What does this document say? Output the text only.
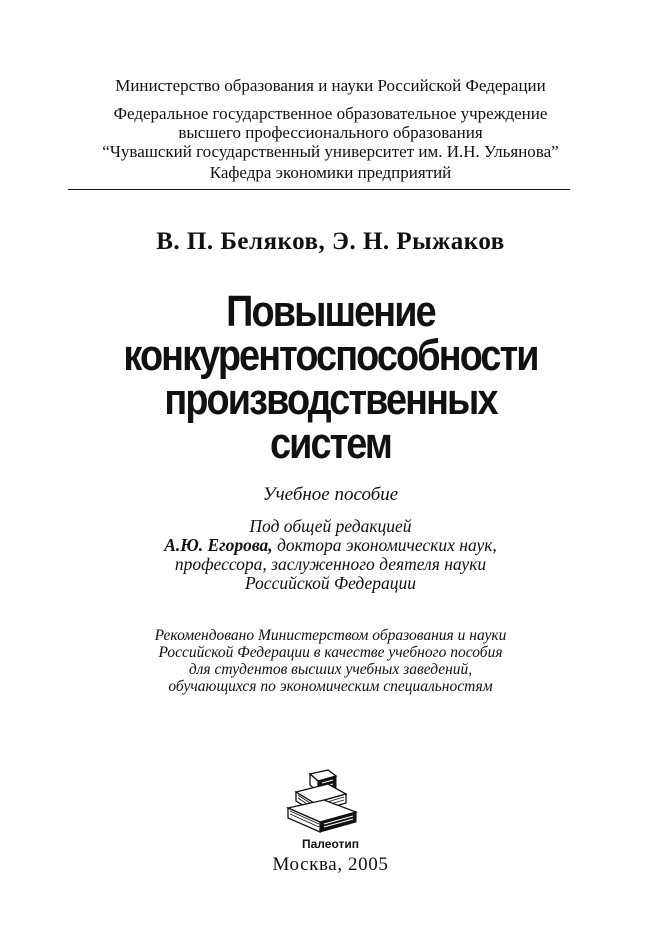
Министерство образования и науки Российской Федерации
Федеральное государственное образовательное учреждение
высшего профессионального образования
“Чувашский государственный университет им. И.Н. Ульянова”
Кафедра экономики предприятий
В. П. Беляков, Э. Н. Рыжаков
Повышение
конкурентоспособности
производственных
систем
Учебное пособие
Под общей редакцией
А.Ю. Егорова, доктора экономических наук,
профессора, заслуженного деятеля науки
Российской Федерации
Рекомендовано Министерством образования и науки
Российской Федерации в качестве учебного пособия
для студентов высших учебных заведений,
обучающихся по экономическим специальностям
Палеотип
Москва, 2005
